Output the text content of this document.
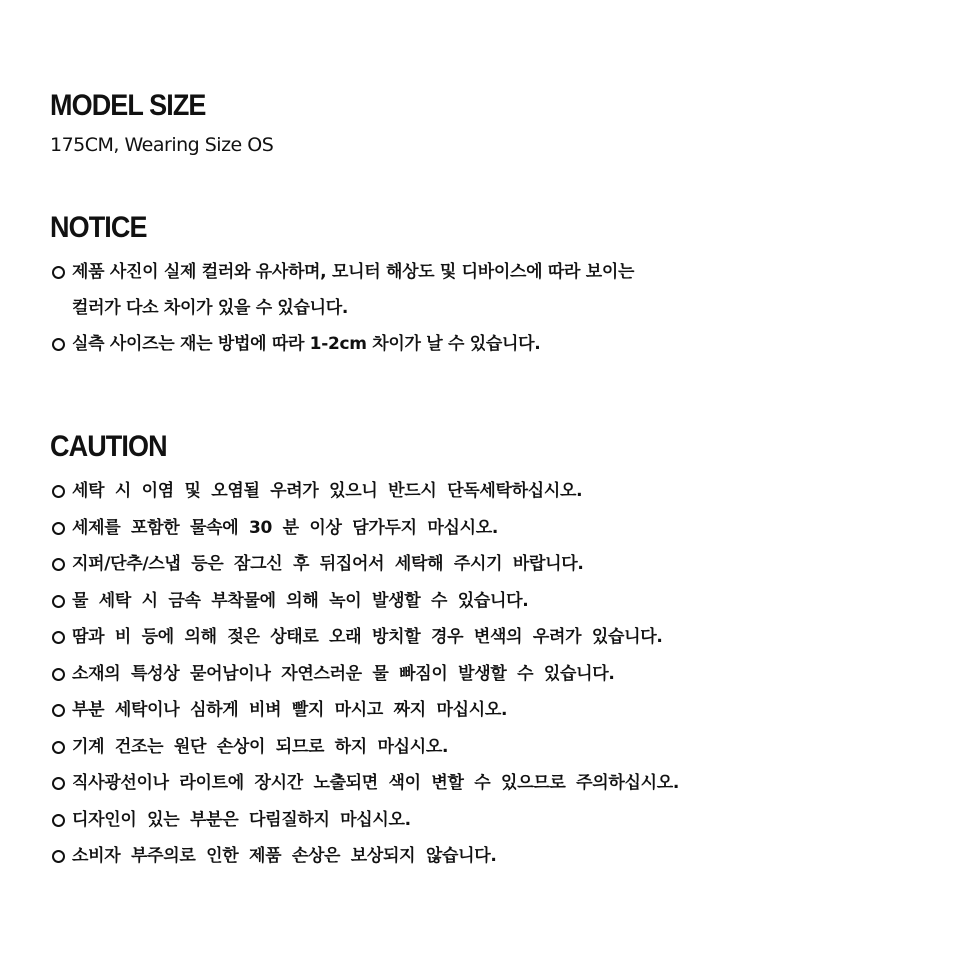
MODEL SIZE
175CM, Wearing Size OS
NOTICE
제품 사진이 실제 컬러와 유사하며, 모니터 해상도 및 디바이스에 따라 보이는
컬러가 다소 차이가 있을 수 있습니다.
실측 사이즈는 재는 방법에 따라 1-2cm 차이가 날 수 있습니다.
CAUTION
세탁 시 이염 및 오염될 우려가 있으니 반드시 단독세탁하십시오.
세제를 포함한 물속에 30 분 이상 담가두지 마십시오.
지퍼/단추/스냅 등은 잠그신 후 뒤집어서 세탁해 주시기 바랍니다.
물 세탁 시 금속 부착물에 의해 녹이 발생할 수 있습니다.
땀과 비 등에 의해 젖은 상태로 오래 방치할 경우 변색의 우려가 있습니다.
소재의 특성상 묻어남이나 자연스러운 물 빠짐이 발생할 수 있습니다.
부분 세탁이나 심하게 비벼 빨지 마시고 짜지 마십시오.
기계 건조는 원단 손상이 되므로 하지 마십시오.
직사광선이나 라이트에 장시간 노출되면 색이 변할 수 있으므로 주의하십시오.
디자인이 있는 부분은 다림질하지 마십시오.
소비자 부주의로 인한 제품 손상은 보상되지 않습니다.
